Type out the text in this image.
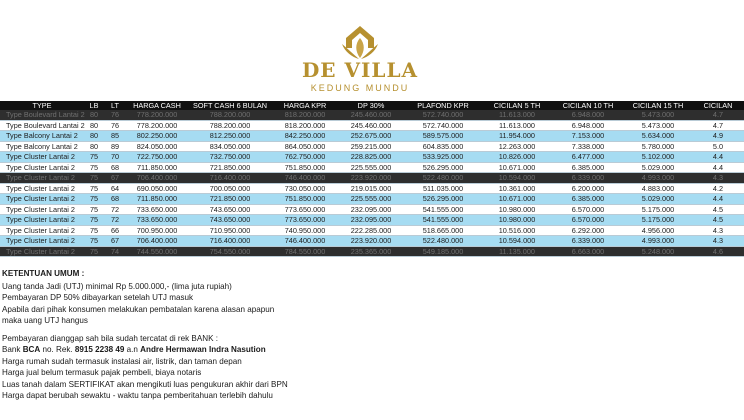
DE VILLA
KEDUNG MUNDU
TYPE	LB	LT	HARGA CASH	SOFT CASH 6 BULAN	HARGA KPR	DP 30%	PLAFOND KPR	CICILAN 5 TH	CICILAN 10 TH	CICILAN 15 TH	CICILAN
Type Boulevard Lantai 2	80	76	778.200.000	788.200.000	818.200.000	245.460.000	572.740.000	11.613.000	6.948.000	5.473.000	4.7
Type Boulevard Lantai 2	80	76	778.200.000	788.200.000	818.200.000	245.460.000	572.740.000	11.613.000	6.948.000	5.473.000	4.7
Type Balcony Lantai 2	80	85	802.250.000	812.250.000	842.250.000	252.675.000	589.575.000	11.954.000	7.153.000	5.634.000	4.9
Type Balcony Lantai 2	80	89	824.050.000	834.050.000	864.050.000	259.215.000	604.835.000	12.263.000	7.338.000	5.780.000	5.0
Type Cluster Lantai 2	75	70	722.750.000	732.750.000	762.750.000	228.825.000	533.925.000	10.826.000	6.477.000	5.102.000	4.4
Type Cluster Lantai 2	75	68	711.850.000	721.850.000	751.850.000	225.555.000	526.295.000	10.671.000	6.385.000	5.029.000	4.4
Type Cluster Lantai 2	75	67	706.400.000	716.400.000	746.400.000	223.920.000	522.480.000	10.594.000	6.339.000	4.993.000	4.3
Type Cluster Lantai 2	75	64	690.050.000	700.050.000	730.050.000	219.015.000	511.035.000	10.361.000	6.200.000	4.883.000	4.2
Type Cluster Lantai 2	75	68	711.850.000	721.850.000	751.850.000	225.555.000	526.295.000	10.671.000	6.385.000	5.029.000	4.4
Type Cluster Lantai 2	75	72	733.650.000	743.650.000	773.650.000	232.095.000	541.555.000	10.980.000	6.570.000	5.175.000	4.5
Type Cluster Lantai 2	75	72	733.650.000	743.650.000	773.650.000	232.095.000	541.555.000	10.980.000	6.570.000	5.175.000	4.5
Type Cluster Lantai 2	75	66	700.950.000	710.950.000	740.950.000	222.285.000	518.665.000	10.516.000	6.292.000	4.956.000	4.3
Type Cluster Lantai 2	75	67	706.400.000	716.400.000	746.400.000	223.920.000	522.480.000	10.594.000	6.339.000	4.993.000	4.3
Type Cluster Lantai 2	75	74	744.550.000	754.550.000	784.550.000	235.365.000	549.185.000	11.135.000	6.663.000	5.248.000	4.6
KETENTUAN UMUM :
Uang tanda Jadi (UTJ) minimal Rp 5.000.000,- (lima juta rupiah)
Pembayaran DP 50% dibayarkan setelah UTJ masuk
Apabila dari pihak konsumen melakukan pembatalan karena alasan apapun
maka uang UTJ hangus
Pembayaran dianggap sah bila sudah tercatat di rek BANK :
Bank BCA no. Rek. 8915 2238 49 a.n Andre Hermawan Indra Nasution
Harga rumah sudah termasuk instalasi air, listrik, dan taman depan
Harga jual belum termasuk pajak pembeli, biaya notaris
Luas tanah dalam SERTIFIKAT akan mengikuti luas pengukuran akhir dari BPN
Harga dapat berubah sewaktu - waktu tanpa pemberitahuan terlebih dahulu
